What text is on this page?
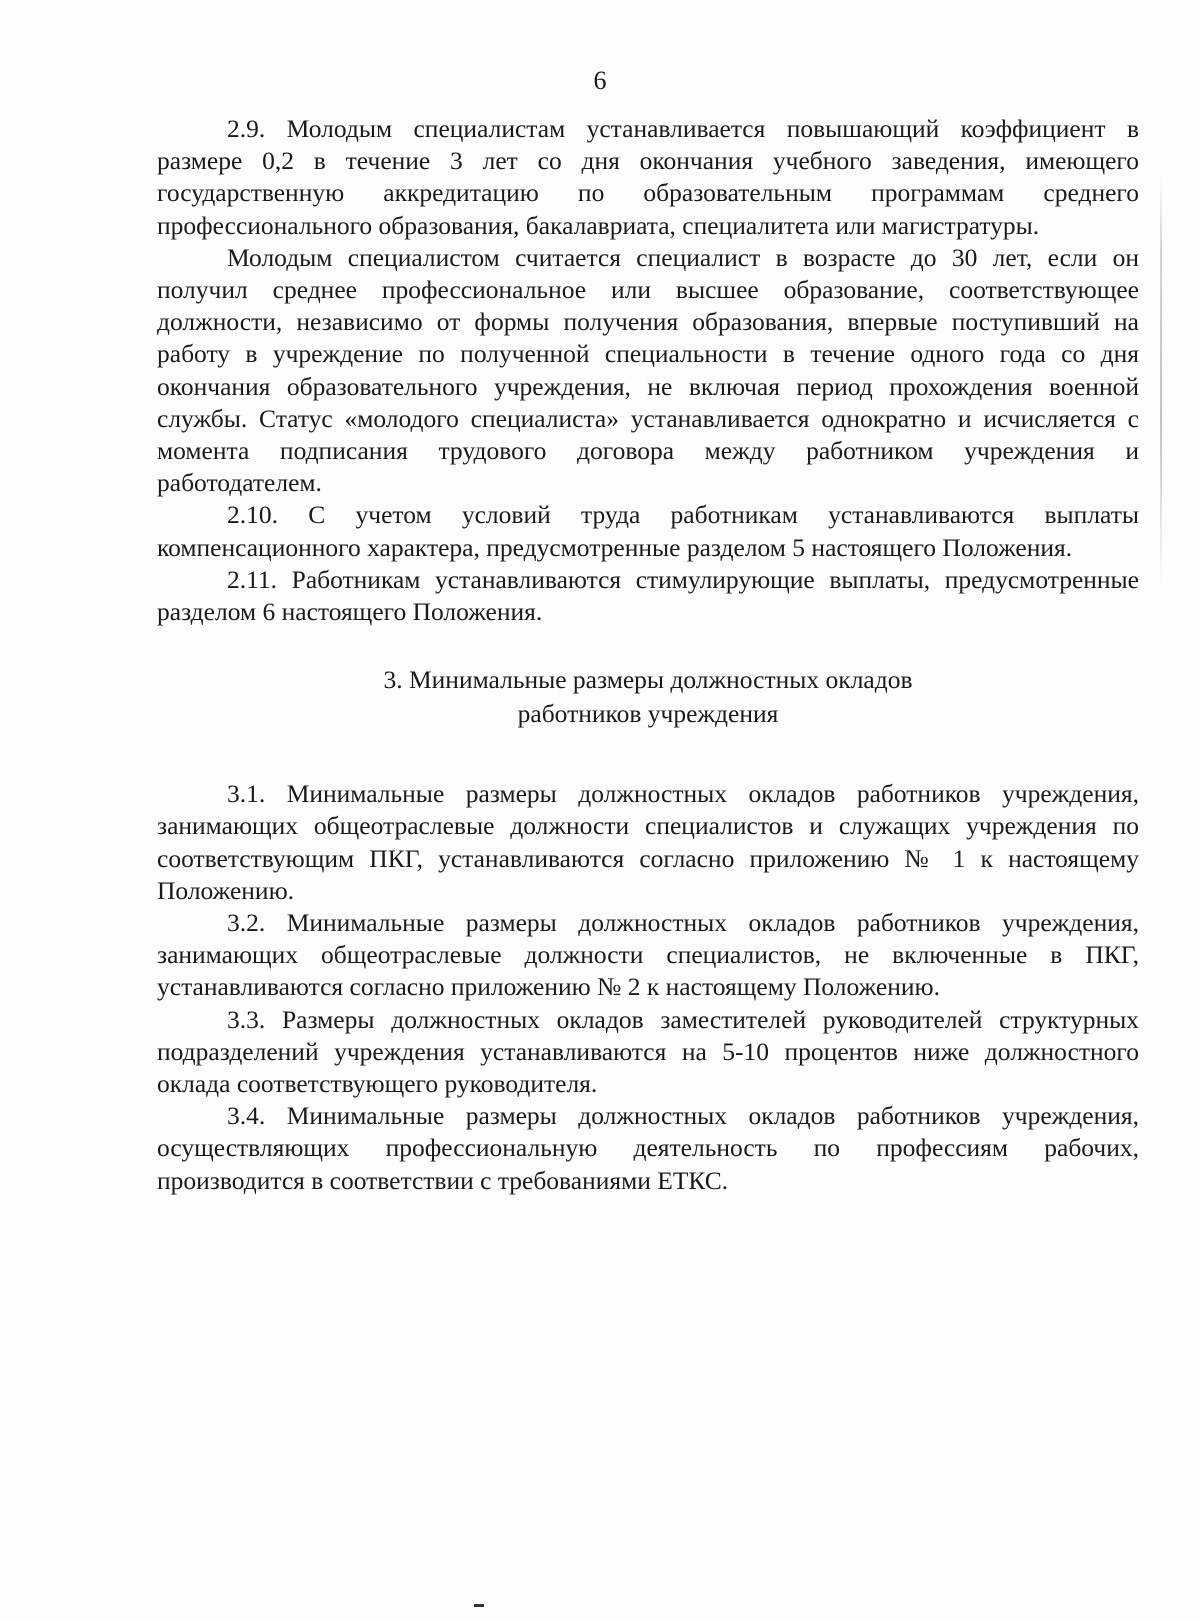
6

2.9. Молодым специалистам устанавливается повышающий коэффициент в размере 0,2 в течение 3 лет со дня окончания учебного заведения, имеющего государственную аккредитацию по образовательным программам среднего профессионального образования, бакалавриата, специалитета или магистратуры.

Молодым специалистом считается специалист в возрасте до 30 лет, если он получил среднее профессиональное или высшее образование, соответствующее должности, независимо от формы получения образования, впервые поступивший на работу в учреждение по полученной специальности в течение одного года со дня окончания образовательного учреждения, не включая период прохождения военной службы. Статус «молодого специалиста» устанавливается однократно и исчисляется с момента подписания трудового договора между работником учреждения и работодателем.

2.10. С учетом условий труда работникам устанавливаются выплаты компенсационного характера, предусмотренные разделом 5 настоящего Положения.

2.11. Работникам устанавливаются стимулирующие выплаты, предусмотренные разделом 6 настоящего Положения.

3. Минимальные размеры должностных окладов
работников учреждения

3.1. Минимальные размеры должностных окладов работников учреждения, занимающих общеотраслевые должности специалистов и служащих учреждения по соответствующим ПКГ, устанавливаются согласно приложению № 1 к настоящему Положению.

3.2. Минимальные размеры должностных окладов работников учреждения, занимающих общеотраслевые должности специалистов, не включенные в ПКГ, устанавливаются согласно приложению № 2 к настоящему Положению.

3.3. Размеры должностных окладов заместителей руководителей структурных подразделений учреждения устанавливаются на 5-10 процентов ниже должностного оклада соответствующего руководителя.

3.4. Минимальные размеры должностных окладов работников учреждения, осуществляющих профессиональную деятельность по профессиям рабочих, производится в соответствии с требованиями ЕТКС.
